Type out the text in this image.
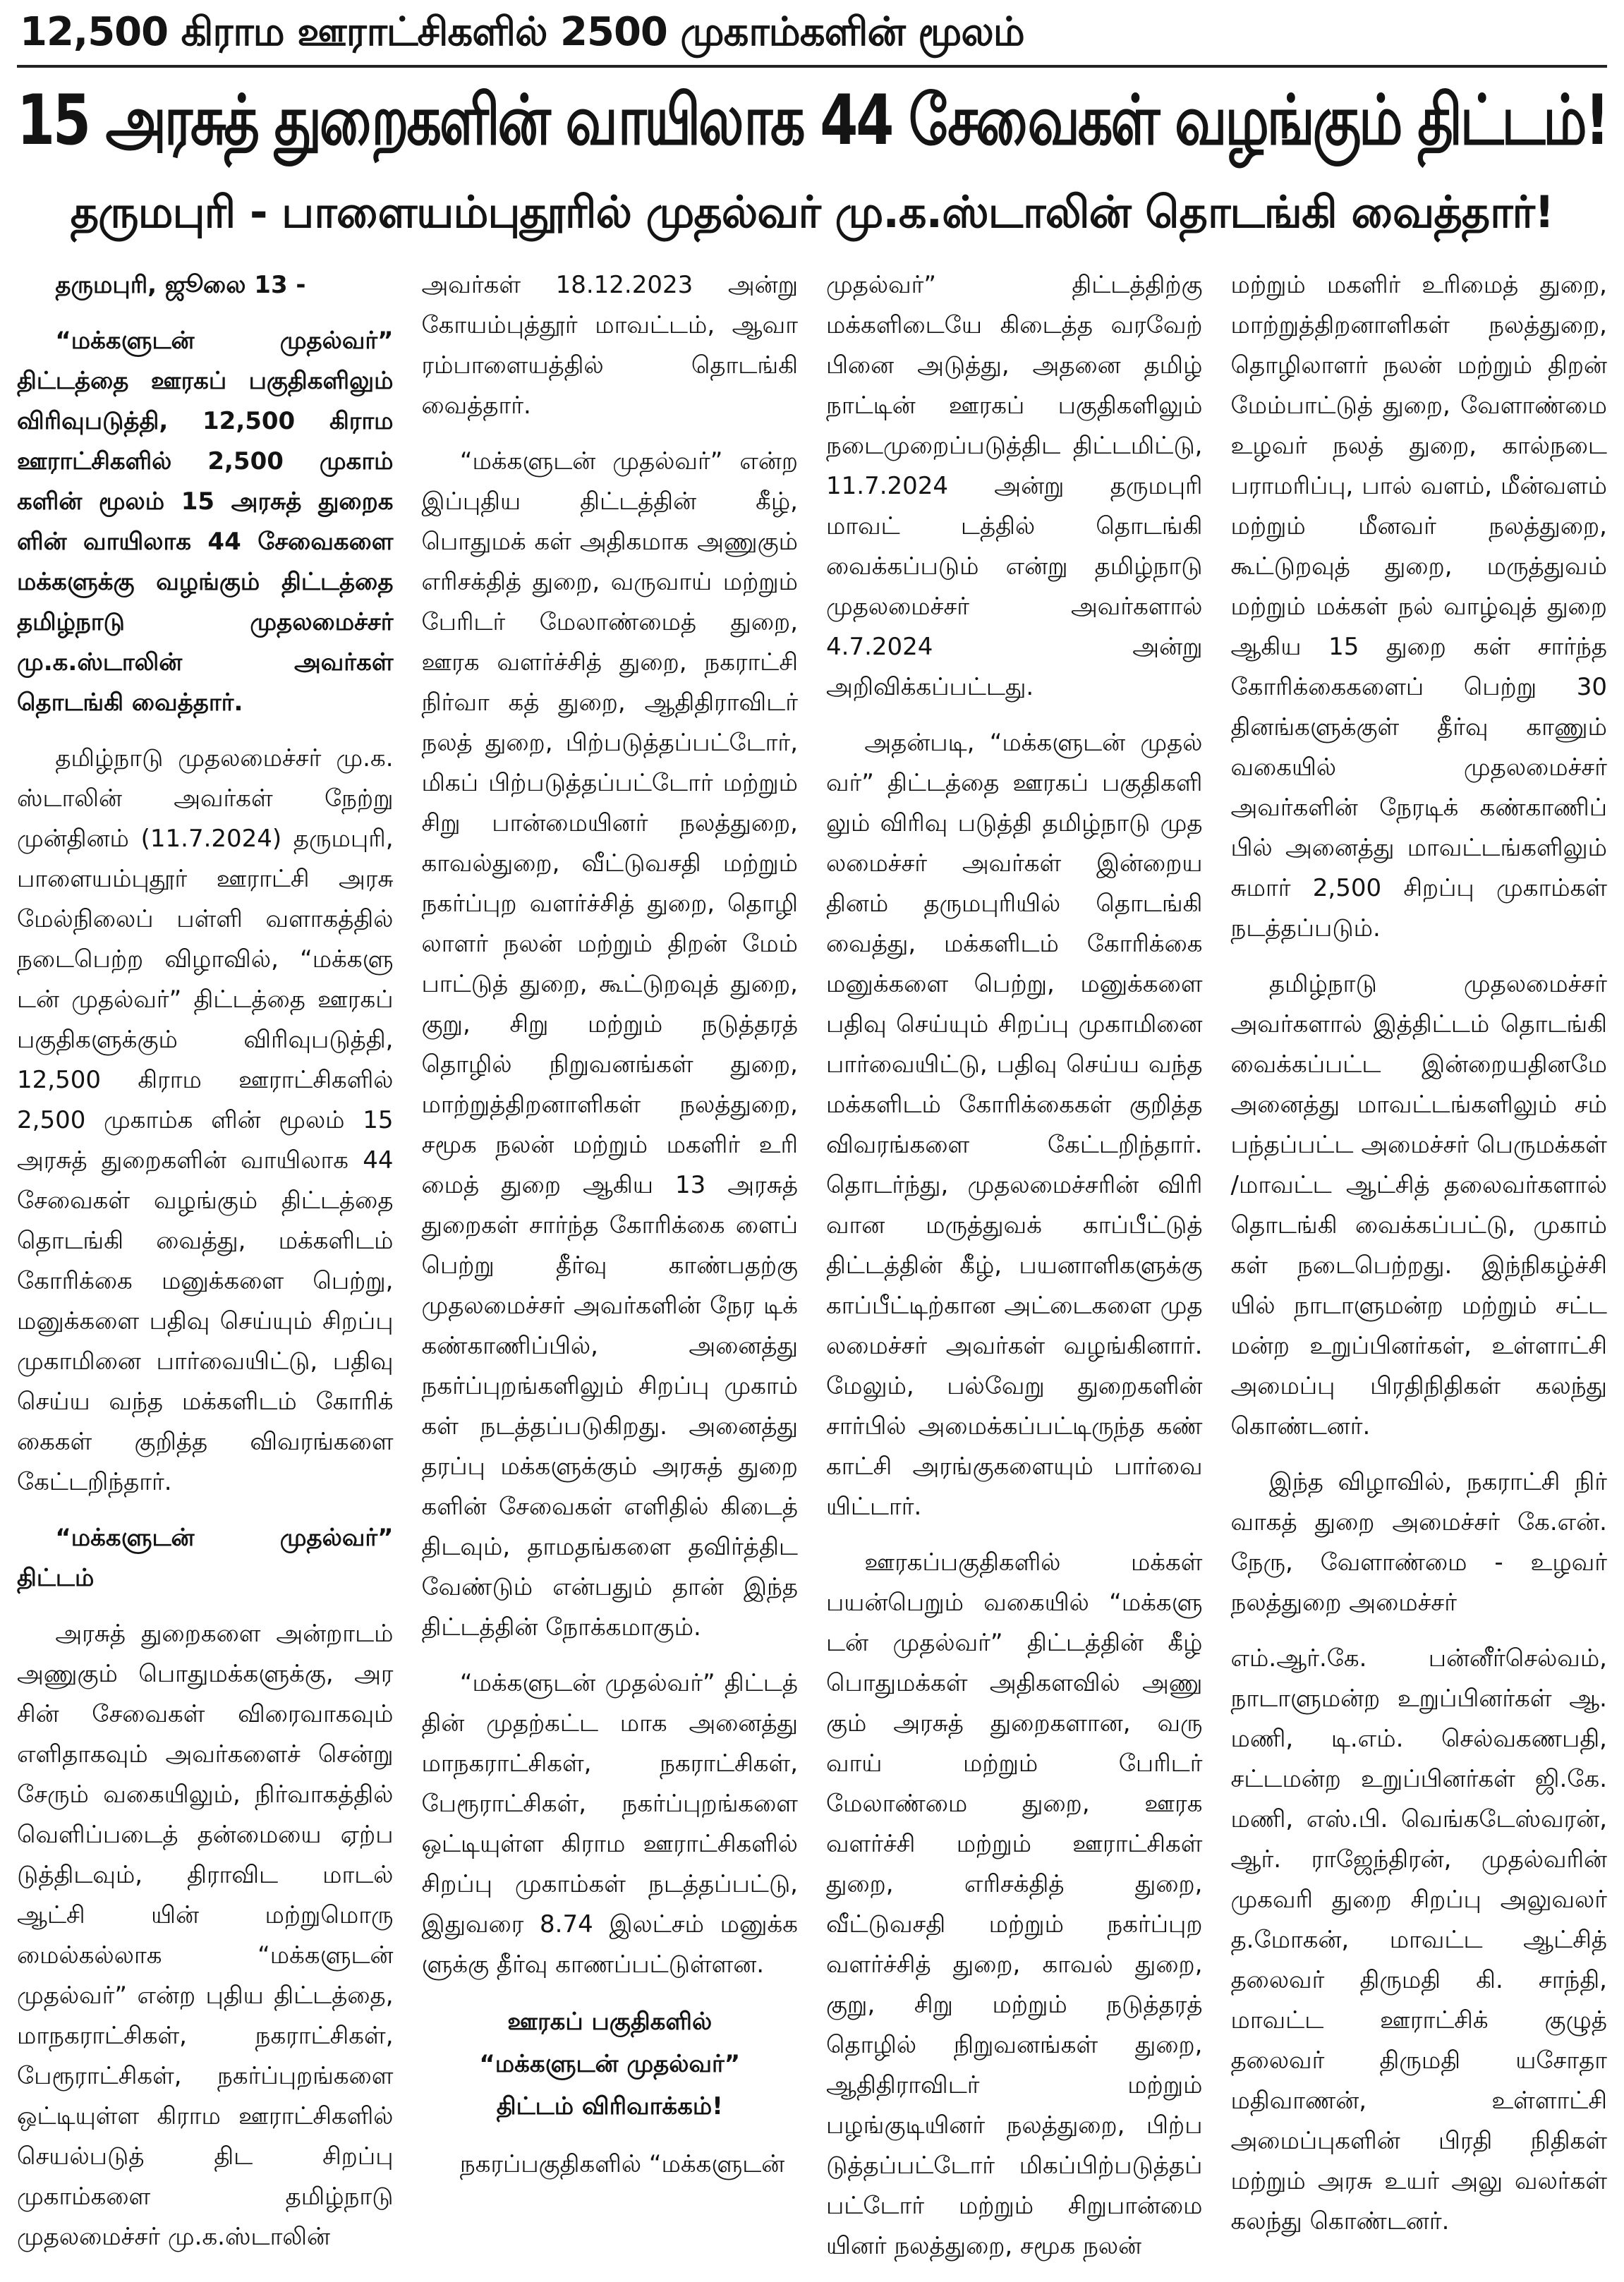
12,500 கிராம ஊராட்சிகளில் 2500 முகாம்களின் மூலம்
15 அரசுத் துறைகளின் வாயிலாக 44 சேவைகள் வழங்கும் திட்டம்!
தருமபுரி - பாளையம்புதூரில் முதல்வர் மு.க.ஸ்டாலின் தொடங்கி வைத்தார்!

தருமபுரி, ஜூலை 13 -

“மக்களுடன் முதல்வர்” திட்டத்தை ஊரகப் பகுதிகளிலும் விரிவுபடுத்தி, 12,500 கிராம ஊராட்சிகளில் 2,500 முகாம் களின் மூலம் 15 அரசுத் துறைக ளின் வாயிலாக 44 சேவைகளை மக்களுக்கு வழங்கும் திட்டத்தை தமிழ்நாடு முதலமைச்சர் மு.க.ஸ்டாலின் அவர்கள் தொடங்கி வைத்தார்.

தமிழ்நாடு முதலமைச்சர் மு.க. ஸ்டாலின் அவர்கள் நேற்று முன்தினம் (11.7.2024) தருமபுரி, பாளையம்புதூர் ஊராட்சி அரசு மேல்நிலைப் பள்ளி வளாகத்தில் நடைபெற்ற விழாவில், “மக்களு டன் முதல்வர்” திட்டத்தை ஊரகப் பகுதிகளுக்கும் விரிவுபடுத்தி, 12,500 கிராம ஊராட்சிகளில் 2,500 முகாம்க ளின் மூலம் 15 அரசுத் துறைகளின் வாயிலாக 44 சேவைகள் வழங்கும் திட்டத்தை தொடங்கி வைத்து, மக்களிடம் கோரிக்கை மனுக்களை பெற்று, மனுக்களை பதிவு செய்யும் சிறப்பு முகாமினை பார்வையிட்டு, பதிவு செய்ய வந்த மக்களிடம் கோரிக் கைகள் குறித்த விவரங்களை கேட்டறிந்தார்.

“மக்களுடன் முதல்வர்” திட்டம்

அரசுத் துறைகளை அன்றாடம் அணுகும் பொதுமக்களுக்கு, அர சின் சேவைகள் விரைவாகவும் எளிதாகவும் அவர்களைச் சென்று சேரும் வகையிலும், நிர்வாகத்தில் வெளிப்படைத் தன்மையை ஏற்ப டுத்திடவும், திராவிட மாடல் ஆட்சி யின் மற்றுமொரு மைல்கல்லாக “மக்களுடன் முதல்வர்” என்ற புதிய திட்டத்தை, மாநகராட்சிகள், நகராட்சிகள், பேரூராட்சிகள், நகர்ப்புறங்களை ஒட்டியுள்ள கிராம ஊராட்சிகளில் செயல்படுத் திட சிறப்பு முகாம்களை தமிழ்நாடு முதலமைச்சர் மு.க.ஸ்டாலின்

அவர்கள் 18.12.2023 அன்று கோயம்புத்தூர் மாவட்டம், ஆவா ரம்பாளையத்தில் தொடங்கி வைத்தார்.

“மக்களுடன் முதல்வர்” என்ற இப்புதிய திட்டத்தின் கீழ், பொதுமக் கள் அதிகமாக அணுகும் எரிசக்தித் துறை, வருவாய் மற்றும் பேரிடர் மேலாண்மைத் துறை, ஊரக வளர்ச்சித் துறை, நகராட்சி நிர்வா கத் துறை, ஆதிதிராவிடர் நலத் துறை, பிற்படுத்தப்பட்டோர், மிகப் பிற்படுத்தப்பட்டோர் மற்றும் சிறு பான்மையினர் நலத்துறை, காவல்துறை, வீட்டுவசதி மற்றும் நகர்ப்புற வளர்ச்சித் துறை, தொழி லாளர் நலன் மற்றும் திறன் மேம் பாட்டுத் துறை, கூட்டுறவுத் துறை, குறு, சிறு மற்றும் நடுத்தரத் தொழில் நிறுவனங்கள் துறை, மாற்றுத்திறனாளிகள் நலத்துறை, சமூக நலன் மற்றும் மகளிர் உரி மைத் துறை ஆகிய 13 அரசுத் துறைகள் சார்ந்த கோரிக்கை ளைப் பெற்று தீர்வு காண்பதற்கு முதலமைச்சர் அவர்களின் நேர டிக் கண்காணிப்பில், அனைத்து நகர்ப்புறங்களிலும் சிறப்பு முகாம் கள் நடத்தப்படுகிறது. அனைத்து தரப்பு மக்களுக்கும் அரசுத் துறை களின் சேவைகள் எளிதில் கிடைத் திடவும், தாமதங்களை தவிர்த்திட வேண்டும் என்பதும் தான் இந்த திட்டத்தின் நோக்கமாகும்.

“மக்களுடன் முதல்வர்” திட்டத் தின் முதற்கட்ட மாக அனைத்து மாநகராட்சிகள், நகராட்சிகள், பேரூராட்சிகள், நகர்ப்புறங்களை ஒட்டியுள்ள கிராம ஊராட்சிகளில் சிறப்பு முகாம்கள் நடத்தப்பட்டு, இதுவரை 8.74 இலட்சம் மனுக்க ளுக்கு தீர்வு காணப்பட்டுள்ளன.

ஊரகப் பகுதிகளில்
“மக்களுடன் முதல்வர்”
திட்டம் விரிவாக்கம்!

நகரப்பகுதிகளில் “மக்களுடன்

முதல்வர்” திட்டத்திற்கு மக்களிடையே கிடைத்த வரவேற் பினை அடுத்து, அதனை தமிழ் நாட்டின் ஊரகப் பகுதிகளிலும் நடைமுறைப்படுத்திட திட்டமிட்டு, 11.7.2024 அன்று தருமபுரி மாவட் டத்தில் தொடங்கி வைக்கப்படும் என்று தமிழ்நாடு முதலமைச்சர் அவர்களால் 4.7.2024 அன்று அறிவிக்கப்பட்டது.

அதன்படி, “மக்களுடன் முதல் வர்” திட்டத்தை ஊரகப் பகுதிகளி லும் விரிவு படுத்தி தமிழ்நாடு முத லமைச்சர் அவர்கள் இன்றைய தினம் தருமபுரியில் தொடங்கி வைத்து, மக்களிடம் கோரிக்கை மனுக்களை பெற்று, மனுக்களை பதிவு செய்யும் சிறப்பு முகாமினை பார்வையிட்டு, பதிவு செய்ய வந்த மக்களிடம் கோரிக்கைகள் குறித்த விவரங்களை கேட்டறிந்தார். தொடர்ந்து, முதலமைச்சரின் விரி வான மருத்துவக் காப்பீட்டுத் திட்டத்தின் கீழ், பயனாளிகளுக்கு காப்பீட்டிற்கான அட்டைகளை முத லமைச்சர் அவர்கள் வழங்கினார். மேலும், பல்வேறு துறைகளின் சார்பில் அமைக்கப்பட்டிருந்த கண் காட்சி அரங்குகளையும் பார்வை யிட்டார்.

ஊரகப்பகுதிகளில் மக்கள் பயன்பெறும் வகையில் “மக்களு டன் முதல்வர்” திட்டத்தின் கீழ் பொதுமக்கள் அதிகளவில் அணு கும் அரசுத் துறைகளான, வரு வாய் மற்றும் பேரிடர் மேலாண்மை துறை, ஊரக வளர்ச்சி மற்றும் ஊராட்சிகள் துறை, எரிசக்தித் துறை, வீட்டுவசதி மற்றும் நகர்ப்புற வளர்ச்சித் துறை, காவல் துறை, குறு, சிறு மற்றும் நடுத்தரத் தொழில் நிறுவனங்கள் துறை, ஆதிதிராவிடர் மற்றும் பழங்குடியினர் நலத்துறை, பிற்ப டுத்தப்பட்டோர் மிகப்பிற்படுத்தப் பட்டோர் மற்றும் சிறுபான்மை யினர் நலத்துறை, சமூக நலன்

மற்றும் மகளிர் உரிமைத் துறை, மாற்றுத்திறனாளிகள் நலத்துறை, தொழிலாளர் நலன் மற்றும் திறன் மேம்பாட்டுத் துறை, வேளாண்மை உழவர் நலத் துறை, கால்நடை பராமரிப்பு, பால் வளம், மீன்வளம் மற்றும் மீனவர் நலத்துறை, கூட்டுறவுத் துறை, மருத்துவம் மற்றும் மக்கள் நல் வாழ்வுத் துறை ஆகிய 15 துறை கள் சார்ந்த கோரிக்கைகளைப் பெற்று 30 தினங்களுக்குள் தீர்வு காணும் வகையில் முதலமைச்சர் அவர்களின் நேரடிக் கண்காணிப் பில் அனைத்து மாவட்டங்களிலும் சுமார் 2,500 சிறப்பு முகாம்கள் நடத்தப்படும்.

தமிழ்நாடு முதலமைச்சர் அவர்களால் இத்திட்டம் தொடங்கி வைக்கப்பட்ட இன்றையதினமே அனைத்து மாவட்டங்களிலும் சம் பந்தப்பட்ட அமைச்சர் பெருமக்கள் /மாவட்ட ஆட்சித் தலைவர்களால் தொடங்கி வைக்கப்பட்டு, முகாம் கள் நடைபெற்றது. இந்நிகழ்ச்சி யில் நாடாளுமன்ற மற்றும் சட்ட மன்ற உறுப்பினர்கள், உள்ளாட்சி அமைப்பு பிரதிநிதிகள் கலந்து கொண்டனர்.

இந்த விழாவில், நகராட்சி நிர் வாகத் துறை அமைச்சர் கே.என். நேரு, வேளாண்மை - உழவர் நலத்துறை அமைச்சர்

எம்.ஆர்.கே. பன்னீர்செல்வம், நாடாளுமன்ற உறுப்பினர்கள் ஆ. மணி, டி.எம். செல்வகணபதி, சட்டமன்ற உறுப்பினர்கள் ஜி.கே. மணி, எஸ்.பி. வெங்கடேஸ்வரன், ஆர். ராஜேந்திரன், முதல்வரின் முகவரி துறை சிறப்பு அலுவலர் த.மோகன், மாவட்ட ஆட்சித் தலைவர் திருமதி கி. சாந்தி, மாவட்ட ஊராட்சிக் குழுத் தலைவர் திருமதி யசோதா மதிவாணன், உள்ளாட்சி அமைப்புகளின் பிரதி நிதிகள் மற்றும் அரசு உயர் அலு வலர்கள் கலந்து கொண்டனர்.
